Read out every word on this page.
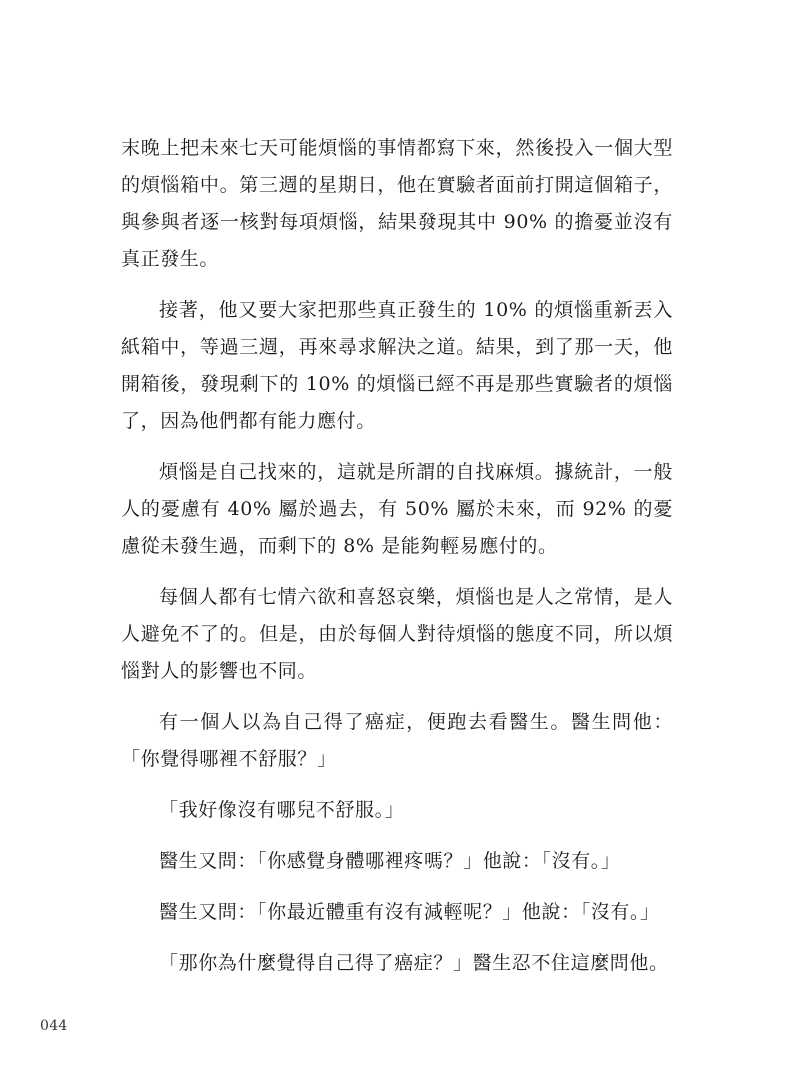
末晚上把未來七天可能煩惱的事情都寫下來，然後投入一個大型的煩惱箱中。第三週的星期日，他在實驗者面前打開這個箱子，與參與者逐一核對每項煩惱，結果發現其中 90% 的擔憂並沒有真正發生。

接著，他又要大家把那些真正發生的 10% 的煩惱重新丟入紙箱中，等過三週，再來尋求解決之道。結果，到了那一天，他開箱後，發現剩下的 10% 的煩惱已經不再是那些實驗者的煩惱了，因為他們都有能力應付。

煩惱是自己找來的，這就是所謂的自找麻煩。據統計，一般人的憂慮有 40% 屬於過去，有 50% 屬於未來，而 92% 的憂慮從未發生過，而剩下的 8% 是能夠輕易應付的。

每個人都有七情六欲和喜怒哀樂，煩惱也是人之常情，是人人避免不了的。但是，由於每個人對待煩惱的態度不同，所以煩惱對人的影響也不同。

有一個人以為自己得了癌症，便跑去看醫生。醫生問他：「你覺得哪裡不舒服？」

「我好像沒有哪兒不舒服。」

醫生又問：「你感覺身體哪裡疼嗎？」他說：「沒有。」

醫生又問：「你最近體重有沒有減輕呢？」他說：「沒有。」

「那你為什麼覺得自己得了癌症？」醫生忍不住這麼問他。

044
